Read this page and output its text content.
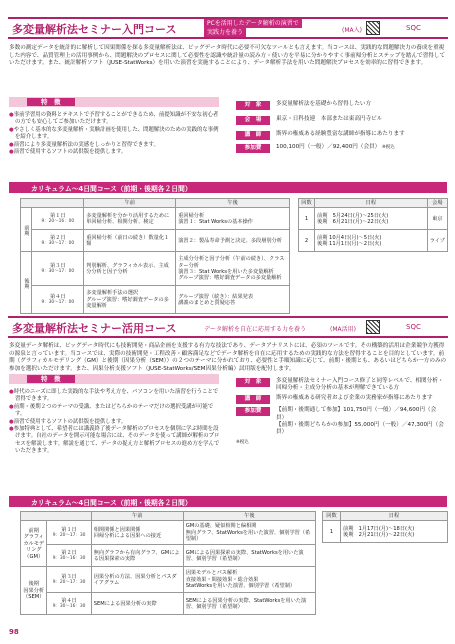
多変量解析法セミナー入門コース	PCを活用したデータ解析の演習で
実践力を養う	(MA入)	SQC
多数の測定データを統計的に解析して因果関係を探る多変量解析法は、ビッグデータ時代に必要不可欠なツールとも言えます。当コースは、実践的な問題解決力の養成を重視した内容で、品質管理上の活用事例から、問題解決のプロセスに関して必要性を認識や統計量の読み方・使い方を平易に分かりやすく事前帰分析とステップを踏んで習得していただけます。また、統計解析ソフト（JUSE-StatWorks）を用いた演習を実施することにより、データ解析手法を用いた問題解決プロセスを効率的に習得できます。
特　徴
●事前学習用の資料とテキストで予習することができるため、前提知識が不安な初心者の方でも安心してご参加いただけます。
●やさしく基本的な多変量解析・実験計画を使用した、問題解決のための実践的な事例を紹介します。
●演習により多変量解析法の実感をしっかりと習得できます。
●演習で使用するソフトの試供版を提供します。
対　象	多変量解析法を基礎から習得したい方
会　場	東京・日科技連　本部または東高円寺ビル
講　師	斯界の権威ある経験豊富な講師が指導にあたります
参加費	100,100円（一般）／92,400円（会員）
※税込
カリキュラム～4日間コース（前期・後期各２日間）
		午前	午後
前期	第１日
9：20～16：00	多変量解析を分かり活用するために単回帰分析、相関分析、検定	重回帰分析
演習１：Stat Worksの基本操作
	第２日
9：30～17：00	重回帰分析（前日の続き）数量化１類	演習２：製品寿命予測と決定、多段層別分析
後期	第３日
9：30～17：00	判別解析、グラフィカル表示、主成分分析と因子分析	主成分分析と因子分析（午前の続き）、クラスター分析
演習３：Stat Worksを用いた多変量解析
グループ演習：嗜好調査データの多変量解析
	第４日
9：30～17：00	多変量解析手法の選択
グループ演習：嗜好調査データの多変量解析	グループ演習（続き）：結果発表
講義のまとめと質疑応答
回数	日程	会場
1	前期　5月24日(月)～25日(火)
後期　6月21日(月)～22日(火)	東京
2	前期 10月4日(月)～5日(火)
後期 11月1日(月)～2日(火)	ライブ
多変量解析法セミナー活用コース	データ解析を自在に応用する力を養う	(MA活用)	SQC
多変量データ解析は、ビッグデータ時代にも技術開発・商品企画を支援する有力な技法であり、データアナリストには、必須のツールです。その構築的活用は企業競争力獲得の源泉と言っています。当コースでは、実際の技術開発・工程改善・顧客満足などでデータ解析を自在に応用するための実践的な方法を習得することを目的としています。前期（グラフィカルモデリング（GM）と後期（因果分析（SEM））の２つのテーマに分かれており、必要性と手順知識に応じて、前期・後期とも、あるいはどちらか一方のみの参加を選択いただけます。また、因果分析支援ソフト（JUSE-StatWorks/SEM因果分析編）試用版を配付します。
特　徴
●時代のニーズに即した実践的な手法や考え方を、パソコンを用いた演習を行うことで習得できます。
●前期・後期２つのテーマの受講、またはどちらかのテーマだけの選択受講が可能です。
●演習で使用するソフトの試供版を提供します。
●参加特典として、希望者には講義終了後データ解析のプロセスを個別に学ぶ時間を設けます。自社のデータを開示可能な場合には、そのデータを使って講師が解析のプロセスを解説します。解説を通じて、データの捉え方と解析プロセスの進め方を学んでいただきます。
対　象	多変量解析法セミナー入門コース修了と同等レベルで、相関分析・回帰分析・主成分分析の基本が理解できている方
講　師	斯界の権威ある研究者および企業の実務家が指導にあたります
参加費	【前期・後期通して参加】101,750円（一般）／94,600円（会員）
【前期・後期どちらかの参加】55,000円（一般）／47,300円（会員）
※税込
カリキュラム～4日間コース（前期・後期各２日間）
		午前	午後
前期
グラフィカルモデリング（GM）	第１日
9：20～17：30	相関関係と因果関係
回帰分析による因果への接近	GMの基礎、疑似相関と偏相関
無向グラフ、StatWorksを用いた演習、個別学習（希望制）
	第２日
9：30～16：30	無向グラフから有向グラフ、GMによる因果探索の実際	GMによる因果探索の実際、StatWorksを用いた演習、個別学習（希望制）
後期
因果分析（SEM）	第３日
9：20～17：30	因果分析の方法、因果分析とパスダイアグラム	因果モデルとパス解析
直接効果・間接効果・総合効果
StatWorksを用いた演習、個別学習（希望制）
	第４日
9：30～16：30	SEMによる因果分析の実際	SEMによる因果分析の実際、StatWorksを用いた演習、個別学習（希望制）
回数	日程
1	前期　1月17日(月)～18日(火)
後期　2月21日(月)～22日(火)
98
